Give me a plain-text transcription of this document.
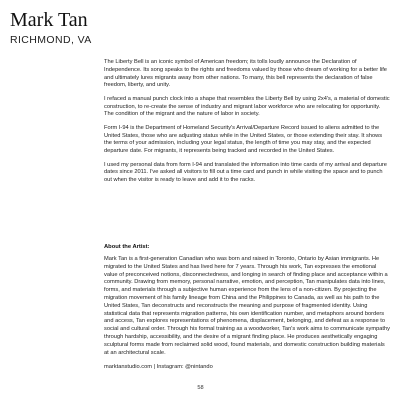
Mark Tan
RICHMOND, VA

The Liberty Bell is an iconic symbol of American freedom; its tolls loudly announce the Declaration of Independence. Its song speaks to the rights and freedoms valued by those who dream of working for a better life and ultimately lures migrants away from other nations. To many, this bell represents the declaration of false freedom, liberty, and unity.

I refaced a manual punch clock into a shape that resembles the Liberty Bell by using 2x4's, a material of domestic construction, to re-create the sense of industry and migrant labor workforce who are relocating for opportunity. The condition of the migrant and the nature of labor in society.

Form I-94 is the Department of Homeland Security's Arrival/Departure Record issued to aliens admitted to the United States, those who are adjusting status while in the United States, or those extending their stay. It shows the terms of your admission, including your legal status, the length of time you may stay, and the expected departure date. For migrants, it represents being tracked and recorded in the United States.

I used my personal data from form I-94 and translated the information into time cards of my arrival and departure dates since 2011. I've asked all visitors to fill out a time card and punch in while visiting the space and to punch out when the visitor is ready to leave and add it to the racks.

About the Artist:

Mark Tan is a first-generation Canadian who was born and raised in Toronto, Ontario by Asian immigrants. He migrated to the United States and has lived here for 7 years. Through his work, Tan expresses the emotional value of preconceived notions, disconnectedness, and longing in search of finding place and acceptance within a community. Drawing from memory, personal narrative, emotion, and perception, Tan manipulates data into lines, forms, and materials through a subjective human experience from the lens of a non-citizen. By projecting the migration movement of his family lineage from China and the Philippines to Canada, as well as his path to the United States, Tan deconstructs and reconstructs the meaning and purpose of fragmented identity. Using statistical data that represents migration patterns, his own identification number, and metaphors around borders and access, Tan explores representations of phenomena, displacement, belonging, and defeat as a response to social and cultural order. Through his formal training as a woodworker, Tan's work aims to communicate sympathy through hardship, accessibility, and the desire of a migrant finding place. He produces aesthetically engaging sculptural forms made from reclaimed solid wood, found materials, and domestic construction building materials at an architectural scale.

marktanstudio.com | Instagram: @nintando
58
